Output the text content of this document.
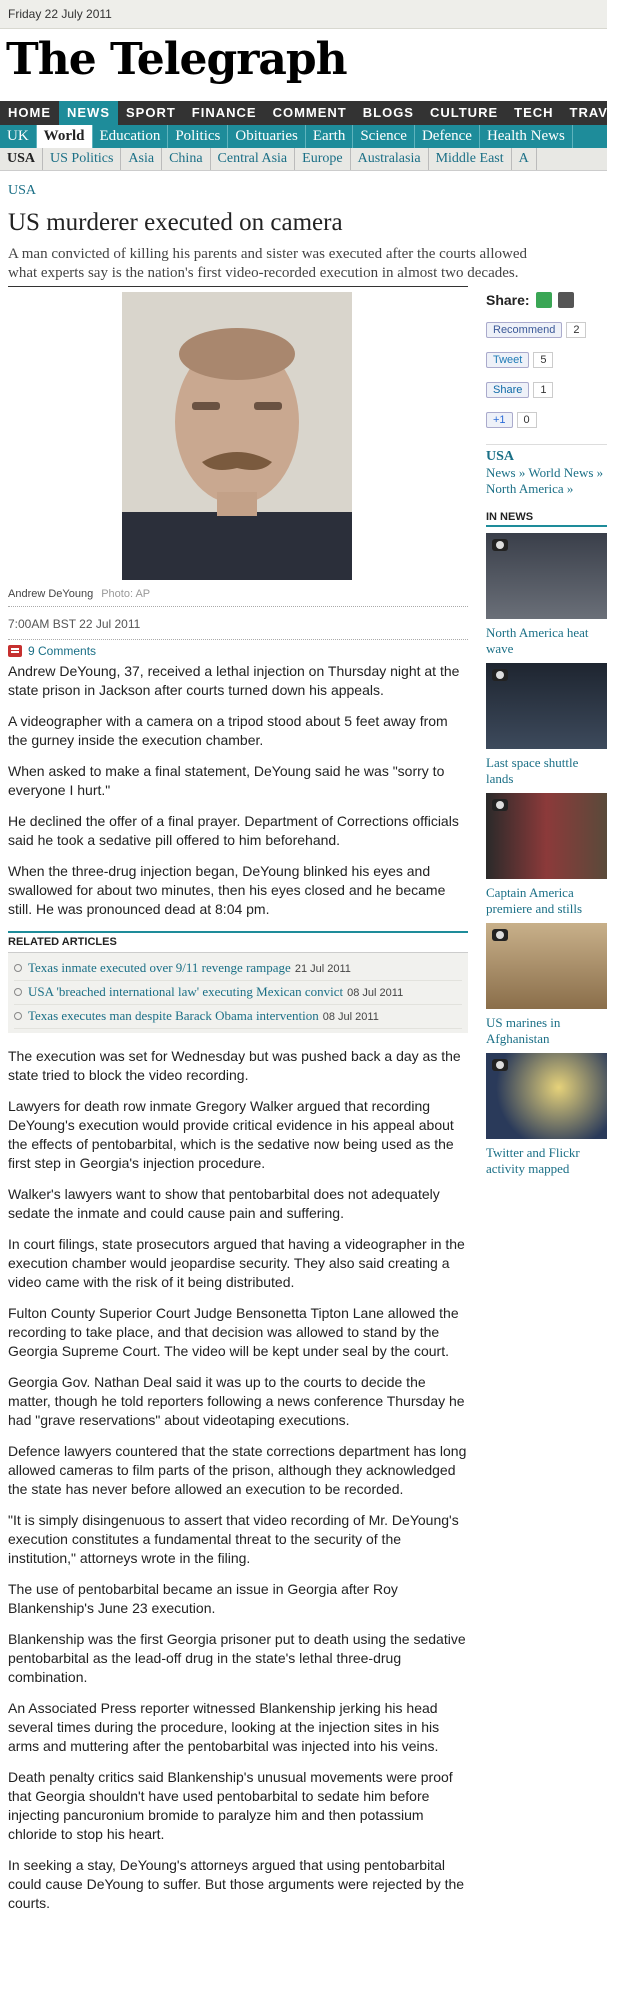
Friday 22 July 2011
The Telegraph
HOME NEWS SPORT FINANCE COMMENT BLOGS CULTURE TECH TRAVEL
UK World Education Politics Obituaries Earth Science Defence Health News
USA US Politics Asia China Central Asia Europe Australasia Middle East A
USA
US murderer executed on camera
A man convicted of killing his parents and sister was executed after the courts allowed
what experts say is the nation's first video-recorded execution in almost two decades.
Andrew DeYoung Photo: AP
7:00AM BST 22 Jul 2011
9 Comments

Andrew DeYoung, 37, received a lethal injection on Thursday night at the state prison in Jackson after courts turned down his appeals.

A videographer with a camera on a tripod stood about 5 feet away from the gurney inside the execution chamber.

When asked to make a final statement, DeYoung said he was "sorry to everyone I hurt."

He declined the offer of a final prayer. Department of Corrections officials said he took a sedative pill offered to him beforehand.

When the three-drug injection began, DeYoung blinked his eyes and swallowed for about two minutes, then his eyes closed and he became still. He was pronounced dead at 8:04 pm.

RELATED ARTICLES
Texas inmate executed over 9/11 revenge rampage 21 Jul 2011
USA 'breached international law' executing Mexican convict 08 Jul 2011
Texas executes man despite Barack Obama intervention 08 Jul 2011

The execution was set for Wednesday but was pushed back a day as the state tried to block the video recording.

Lawyers for death row inmate Gregory Walker argued that recording DeYoung's execution would provide critical evidence in his appeal about the effects of pentobarbital, which is the sedative now being used as the first step in Georgia's injection procedure.

Walker's lawyers want to show that pentobarbital does not adequately sedate the inmate and could cause pain and suffering.

In court filings, state prosecutors argued that having a videographer in the execution chamber would jeopardise security. They also said creating a video came with the risk of it being distributed.

Fulton County Superior Court Judge Bensonetta Tipton Lane allowed the recording to take place, and that decision was allowed to stand by the Georgia Supreme Court. The video will be kept under seal by the court.

Georgia Gov. Nathan Deal said it was up to the courts to decide the matter, though he told reporters following a news conference Thursday he had "grave reservations" about videotaping executions.

Defence lawyers countered that the state corrections department has long allowed cameras to film parts of the prison, although they acknowledged the state has never before allowed an execution to be recorded.

"It is simply disingenuous to assert that video recording of Mr. DeYoung's execution constitutes a fundamental threat to the security of the institution," attorneys wrote in the filing.

The use of pentobarbital became an issue in Georgia after Roy Blankenship's June 23 execution.

Blankenship was the first Georgia prisoner put to death using the sedative pentobarbital as the lead-off drug in the state's lethal three-drug combination.

An Associated Press reporter witnessed Blankenship jerking his head several times during the procedure, looking at the injection sites in his arms and muttering after the pentobarbital was injected into his veins.

Death penalty critics said Blankenship's unusual movements were proof that Georgia shouldn't have used pentobarbital to sedate him before injecting pancuronium bromide to paralyze him and then potassium chloride to stop his heart.

In seeking a stay, DeYoung's attorneys argued that using pentobarbital could cause DeYoung to suffer. But those arguments were rejected by the courts.

Share:
Recommend	2
Tweet	5
Share	1
+1	0
USA
News » World News »
North America »
IN NEWS
North America heat wave
Last space shuttle lands
Captain America premiere and stills
US marines in Afghanistan
Twitter and Flickr activity mapped
